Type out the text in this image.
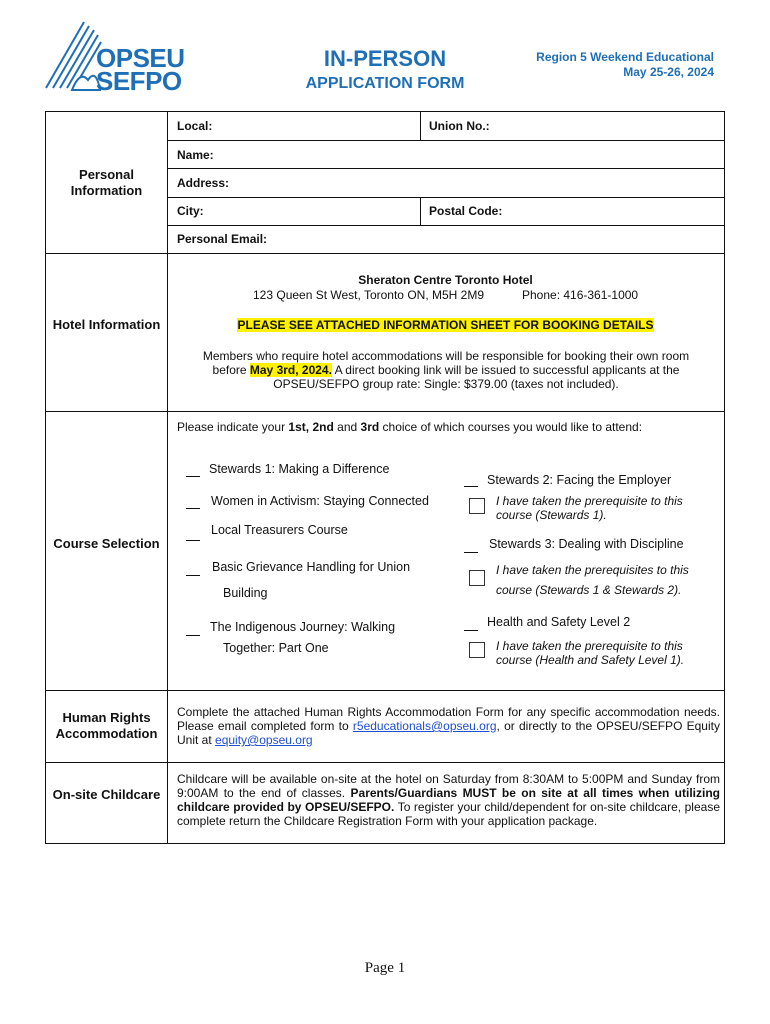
OPSEU
SEFPO
IN-PERSON
APPLICATION FORM
Region 5 Weekend Educational
May 25-26, 2024
Personal Information
Local:	Union No.:
Name:
Address:
City:	Postal Code:
Personal Email:
Hotel Information
Sheraton Centre Toronto Hotel
123 Queen St West, Toronto ON, M5H 2M9	Phone: 416-361-1000
PLEASE SEE ATTACHED INFORMATION SHEET FOR BOOKING DETAILS
Members who require hotel accommodations will be responsible for booking their own room before May 3rd, 2024. A direct booking link will be issued to successful applicants at the OPSEU/SEFPO group rate: Single: $379.00 (taxes not included).
Course Selection
Please indicate your 1st, 2nd and 3rd choice of which courses you would like to attend:
Stewards 1: Making a Difference
Women in Activism: Staying Connected
Local Treasurers Course
Basic Grievance Handling for Union
Building
The Indigenous Journey: Walking
Together: Part One
Stewards 2: Facing the Employer
I have taken the prerequisite to this course (Stewards 1).
Stewards 3: Dealing with Discipline
I have taken the prerequisites to this
course (Stewards 1 & Stewards 2).
Health and Safety Level 2
I have taken the prerequisite to this course (Health and Safety Level 1).
Human Rights Accommodation
Complete the attached Human Rights Accommodation Form for any specific accommodation needs. Please email completed form to r5educationals@opseu.org, or directly to the OPSEU/SEFPO Equity Unit at equity@opseu.org
On-site Childcare
Childcare will be available on-site at the hotel on Saturday from 8:30AM to 5:00PM and Sunday from 9:00AM to the end of classes. Parents/Guardians MUST be on site at all times when utilizing childcare provided by OPSEU/SEFPO. To register your child/dependent for on-site childcare, please complete return the Childcare Registration Form with your application package.
Page 1
